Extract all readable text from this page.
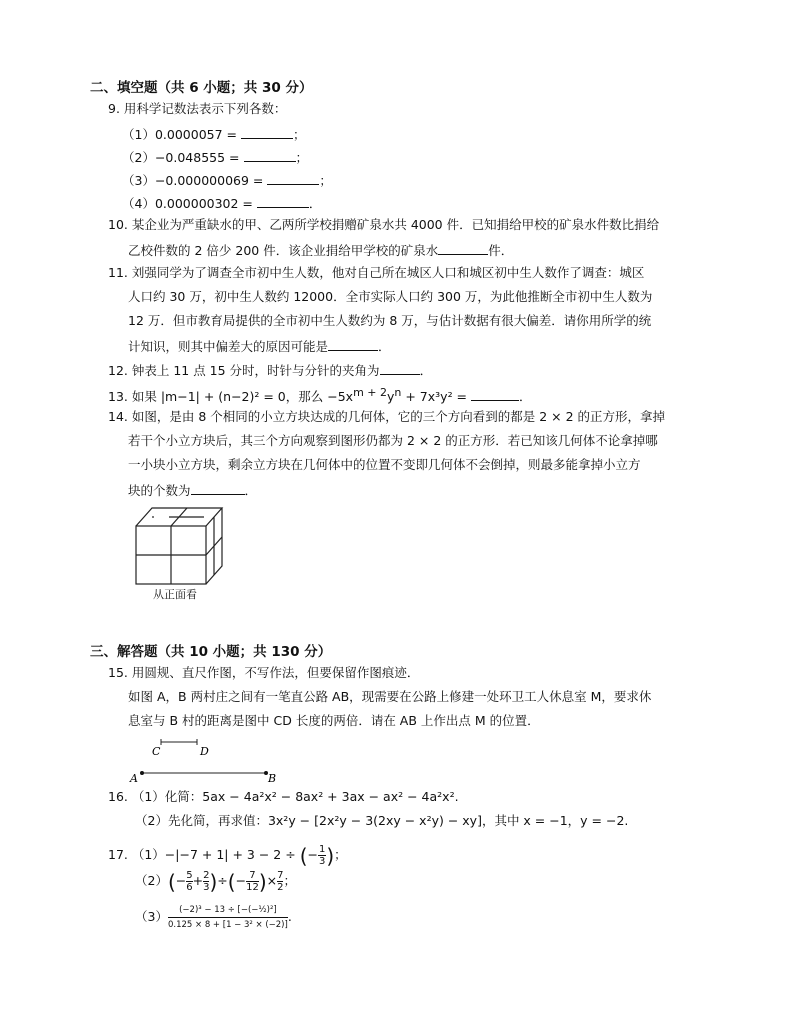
二、填空题（共 6 小题；共 30 分）
9. 用科学记数法表示下列各数：
（1）0.0000057 =	；
（2）−0.048555 =	；
（3）−0.000000069 =	；
（4）0.000000302 =	．
10. 某企业为严重缺水的甲、乙两所学校捐赠矿泉水共 4000 件．已知捐给甲校的矿泉水件数比捐给
乙校件数的 2 倍少 200 件．该企业捐给甲学校的矿泉水	件．
11. 刘强同学为了调查全市初中生人数，他对自己所在城区人口和城区初中生人数作了调查：城区
人口约 30 万，初中生人数约 12000．全市实际人口约 300 万，为此他推断全市初中生人数为
12 万．但市教育局提供的全市初中生人数约为 8 万，与估计数据有很大偏差．请你用所学的统
计知识，则其中偏差大的原因可能是	．
12. 钟表上 11 点 15 分时，时针与分针的夹角为	．
13. 如果 |m−1| + (n−2)² = 0，那么 $-5x^{m + 2}y^n + 7x^3y^2$ =	．
14. 如图，是由 8 个相同的小立方块达成的几何体，它的三个方向看到的都是 2 × 2 的正方形，拿掉
若干个小立方块后，其三个方向观察到图形仍都为 2 × 2 的正方形．若已知该几何体不论拿掉哪
一小块小立方块，剩余立方块在几何体中的位置不变即几何体不会倒掉，则最多能拿掉小立方
块的个数为	．
从正面看
三、解答题（共 10 小题；共 130 分）
15. 用圆规、直尺作图，不写作法，但要保留作图痕迹．
如图 A，B 两村庄之间有一笔直公路 AB，现需要在公路上修建一处环卫工人休息室 M，要求休
息室与 B 村的距离是图中 CD 长度的两倍．请在 AB 上作出点 M 的位置．
C	D
A	B
16. （1）化简：5ax − 4a²x² − 8ax² + 3ax − ax² − 4a²x².
（2）先化简，再求值：3x²y − [2x²y − 3(2xy − x²y) − xy]，其中 x = −1，y = −2.
17. （1）−|−7 + 1| + 3 − 2 ÷ (− $\frac{1}{3}$ )；
$(2)(- \frac{5}{6} + \frac{2}{3}$ )÷(− $\frac{7}{12}$ )× $\frac{7}{2}$ ；
$(3) \frac{\text{(−2)³ − 13 ÷ [−(−½)²]}}{\text{0.125 × 8 + [1 − 3² × (−2)]}}$ .
